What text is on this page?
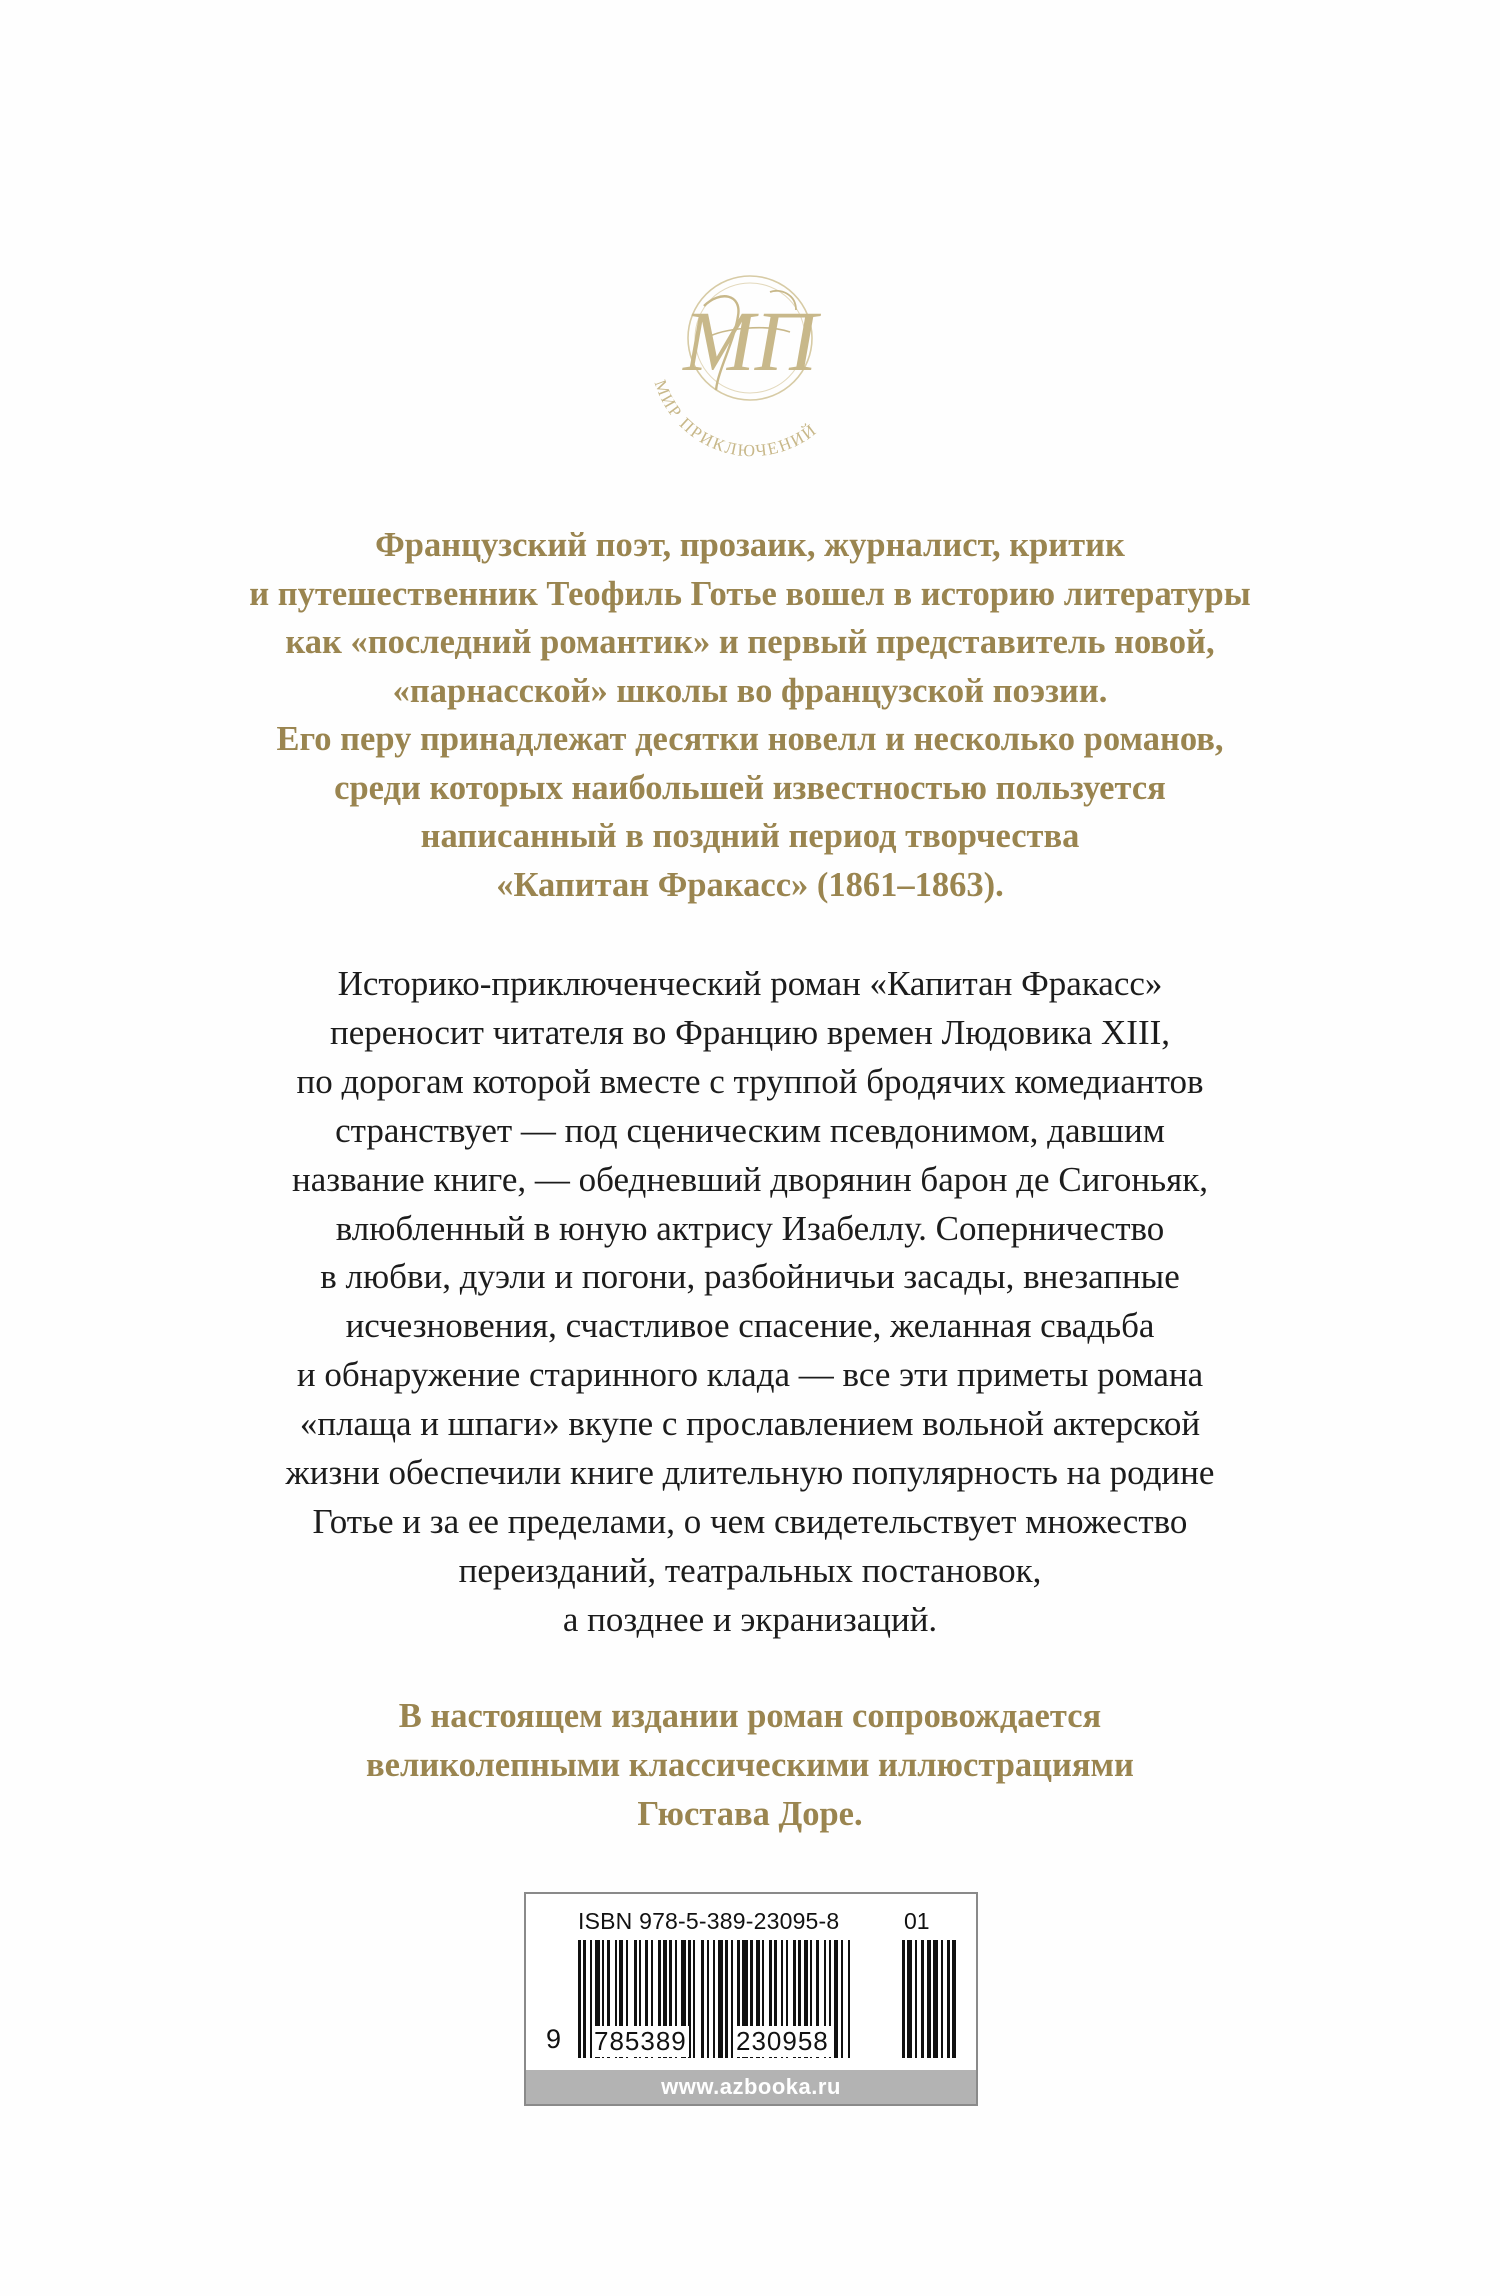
МП
МИР ПРИКЛЮЧЕНИЙ
Французский поэт, прозаик, журналист, критик
и путешественник Теофиль Готье вошел в историю литературы
как «последний романтик» и первый представитель новой,
«парнасской» школы во французской поэзии.
Его перу принадлежат десятки новелл и несколько романов,
среди которых наибольшей известностью пользуется
написанный в поздний период творчества
«Капитан Фракасс» (1861–1863).
Историко-приключенческий роман «Капитан Фракасс»
переносит читателя во Францию времен Людовика XIII,
по дорогам которой вместе с труппой бродячих комедиантов
странствует — под сценическим псевдонимом, давшим
название книге, — обедневший дворянин барон де Сигоньяк,
влюбленный в юную актрису Изабеллу. Соперничество
в любви, дуэли и погони, разбойничьи засады, внезапные
исчезновения, счастливое спасение, желанная свадьба
и обнаружение старинного клада — все эти приметы романа
«плаща и шпаги» вкупе с прославлением вольной актерской
жизни обеспечили книге длительную популярность на родине
Готье и за ее пределами, о чем свидетельствует множество
переизданий, театральных постановок,
а позднее и экранизаций.
В настоящем издании роман сопровождается
великолепными классическими иллюстрациями
Гюстава Доре.
ISBN 978-5-389-23095-8	01
9 785389 230958
www.azbooka.ru
